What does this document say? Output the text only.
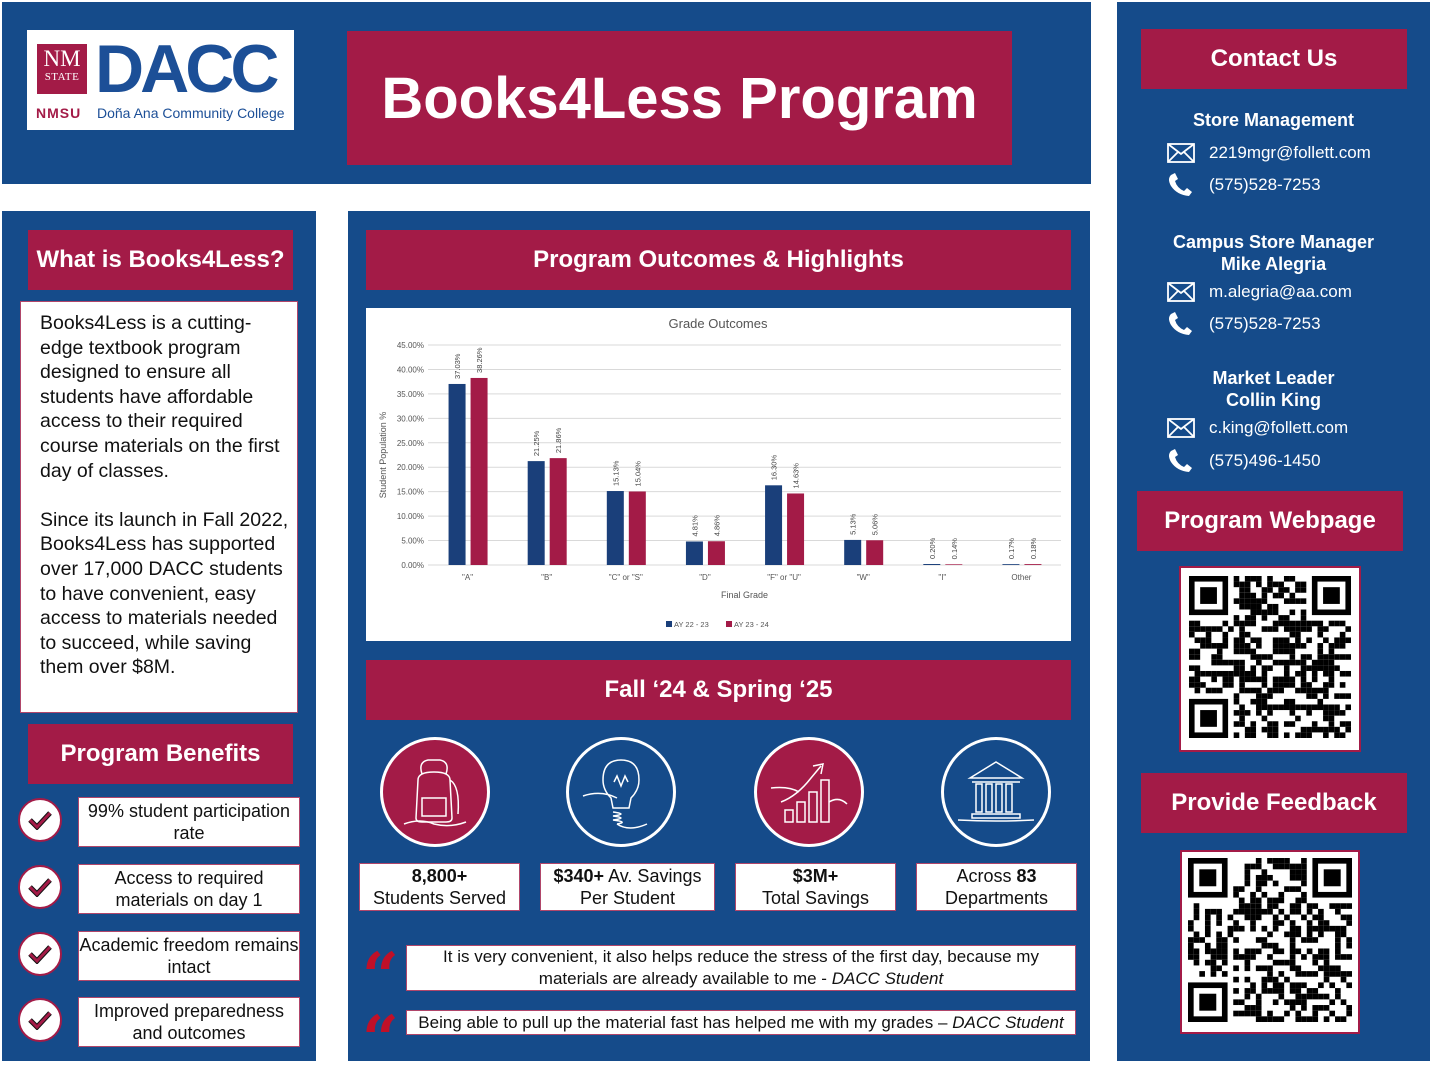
NM
STATE DACC
NMSU Doña Ana Community College	Books4Less Program
What is Books4Less?

Books4Less is a cutting-edge textbook program designed to ensure all students have affordable access to their required course materials on the first day of classes.

Since its launch in Fall 2022, Books4Less has supported over 17,000 DACC students to have convenient, easy access to materials needed to succeed, while saving them over $8M.

Program Benefits
99% student participation rate
Access to required materials on day 1
Academic freedom remains intact
Improved preparedness and outcomes
Program Outcomes & Highlights
Grade Outcomes
0.00%
5.00%
10.00%
15.00%
20.00%
25.00%
30.00%
35.00%
40.00%
45.00%
Student Population %
37.03% 38.26%
"A"
21.25% 21.86%
"B"
15.13% 15.04%
"C" or "S"
4.81% 4.86%
"D"
16.30% 14.63%
"F" or "U"
5.13% 5.06%
"W"
0.20% 0.14%
"I"
0.17% 0.18%
Other
Final Grade
AY 22 - 23	AY 23 - 24
Fall ‘24 & Spring ‘25
8,800+
Students Served
$340+ Av. Savings
Per Student
$3M+
Total Savings
Across 83
Departments
“	It is very convenient, it also helps reduce the stress of the first day, because my materials are already available to me - DACC Student
“ Being able to pull up the material fast has helped me with my grades – DACC Student
Contact Us
Store Management
2219mgr@follett.com
(575)528-7253
Campus Store Manager
Mike Alegria
m.alegria@aa.com
(575)528-7253
Market Leader
Collin King
c.king@follett.com
(575)496-1450
Program Webpage
Provide Feedback
